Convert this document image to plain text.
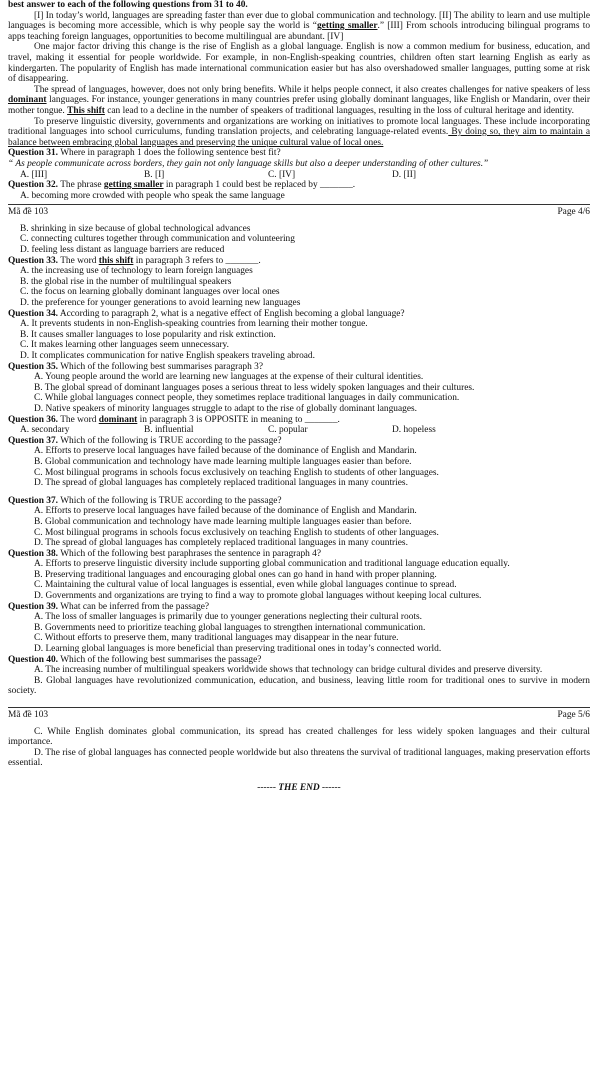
best answer to each of the following questions from 31 to 40.
[I] In today’s world, languages are spreading faster than ever due to global communication and technology. [II] The ability to learn and use multiple languages is becoming more accessible, which is why people say the world is “getting smaller.” [III] From schools introducing bilingual programs to apps teaching foreign languages, opportunities to become multilingual are abundant. [IV]
One major factor driving this change is the rise of English as a global language. English is now a common medium for business, education, and travel, making it essential for people worldwide. For example, in non-English-speaking countries, children often start learning English as early as kindergarten. The popularity of English has made international communication easier but has also overshadowed smaller languages, putting some at risk of disappearing.
The spread of languages, however, does not only bring benefits. While it helps people connect, it also creates challenges for native speakers of less dominant languages. For instance, younger generations in many countries prefer using globally dominant languages, like English or Mandarin, over their mother tongue. This shift can lead to a decline in the number of speakers of traditional languages, resulting in the loss of cultural heritage and identity.
To preserve linguistic diversity, governments and organizations are working on initiatives to promote local languages. These include incorporating traditional languages into school curriculums, funding translation projects, and celebrating language-related events. By doing so, they aim to maintain a balance between embracing global languages and preserving the unique cultural value of local ones.
Question 31. Where in paragraph 1 does the following sentence best fit?
“ As people communicate across borders, they gain not only language skills but also a deeper understanding of other cultures.”
A. [III]	B. [I]	C. [IV]	D. [II]
Question 32. The phrase getting smaller in paragraph 1 could best be replaced by _______.
A. becoming more crowded with people who speak the same language
Mã đề 103	Page 4/6
B. shrinking in size because of global technological advances
C. connecting cultures together through communication and volunteering
D. feeling less distant as language barriers are reduced
Question 33. The word this shift in paragraph 3 refers to _______.
A. the increasing use of technology to learn foreign languages
B. the global rise in the number of multilingual speakers
C. the focus on learning globally dominant languages over local ones
D. the preference for younger generations to avoid learning new languages
Question 34. According to paragraph 2, what is a negative effect of English becoming a global language?
A. It prevents students in non-English-speaking countries from learning their mother tongue.
B. It causes smaller languages to lose popularity and risk extinction.
C. It makes learning other languages seem unnecessary.
D. It complicates communication for native English speakers traveling abroad.
Question 35. Which of the following best summarises paragraph 3?
A. Young people around the world are learning new languages at the expense of their cultural identities.
B. The global spread of dominant languages poses a serious threat to less widely spoken languages and their cultures.
C. While global languages connect people, they sometimes replace traditional languages in daily communication.
D. Native speakers of minority languages struggle to adapt to the rise of globally dominant languages.
Question 36. The word dominant in paragraph 3 is OPPOSITE in meaning to _______.
A. secondary	B. influential	C. popular	D. hopeless
Question 37. Which of the following is TRUE according to the passage?
A. Efforts to preserve local languages have failed because of the dominance of English and Mandarin.
B. Global communication and technology have made learning multiple languages easier than before.
C. Most bilingual programs in schools focus exclusively on teaching English to students of other languages.
D. The spread of global languages has completely replaced traditional languages in many countries.
Question 37. Which of the following is TRUE according to the passage?
A. Efforts to preserve local languages have failed because of the dominance of English and Mandarin.
B. Global communication and technology have made learning multiple languages easier than before.
C. Most bilingual programs in schools focus exclusively on teaching English to students of other languages.
D. The spread of global languages has completely replaced traditional languages in many countries.
Question 38. Which of the following best paraphrases the sentence in paragraph 4?
A. Efforts to preserve linguistic diversity include supporting global communication and traditional language education equally.
B. Preserving traditional languages and encouraging global ones can go hand in hand with proper planning.
C. Maintaining the cultural value of local languages is essential, even while global languages continue to spread.
D. Governments and organizations are trying to find a way to promote global languages without keeping local cultures.
Question 39. What can be inferred from the passage?
A. The loss of smaller languages is primarily due to younger generations neglecting their cultural roots.
B. Governments need to prioritize teaching global languages to strengthen international communication.
C. Without efforts to preserve them, many traditional languages may disappear in the near future.
D. Learning global languages is more beneficial than preserving traditional ones in today’s connected world.
Question 40. Which of the following best summarises the passage?
A. The increasing number of multilingual speakers worldwide shows that technology can bridge cultural divides and preserve diversity.
B. Global languages have revolutionized communication, education, and business, leaving little room for traditional ones to survive in modern society.
Mã đề 103	Page 5/6
C. While English dominates global communication, its spread has created challenges for less widely spoken languages and their cultural importance.
D. The rise of global languages has connected people worldwide but also threatens the survival of traditional languages, making preservation efforts essential.
------ THE END ------
